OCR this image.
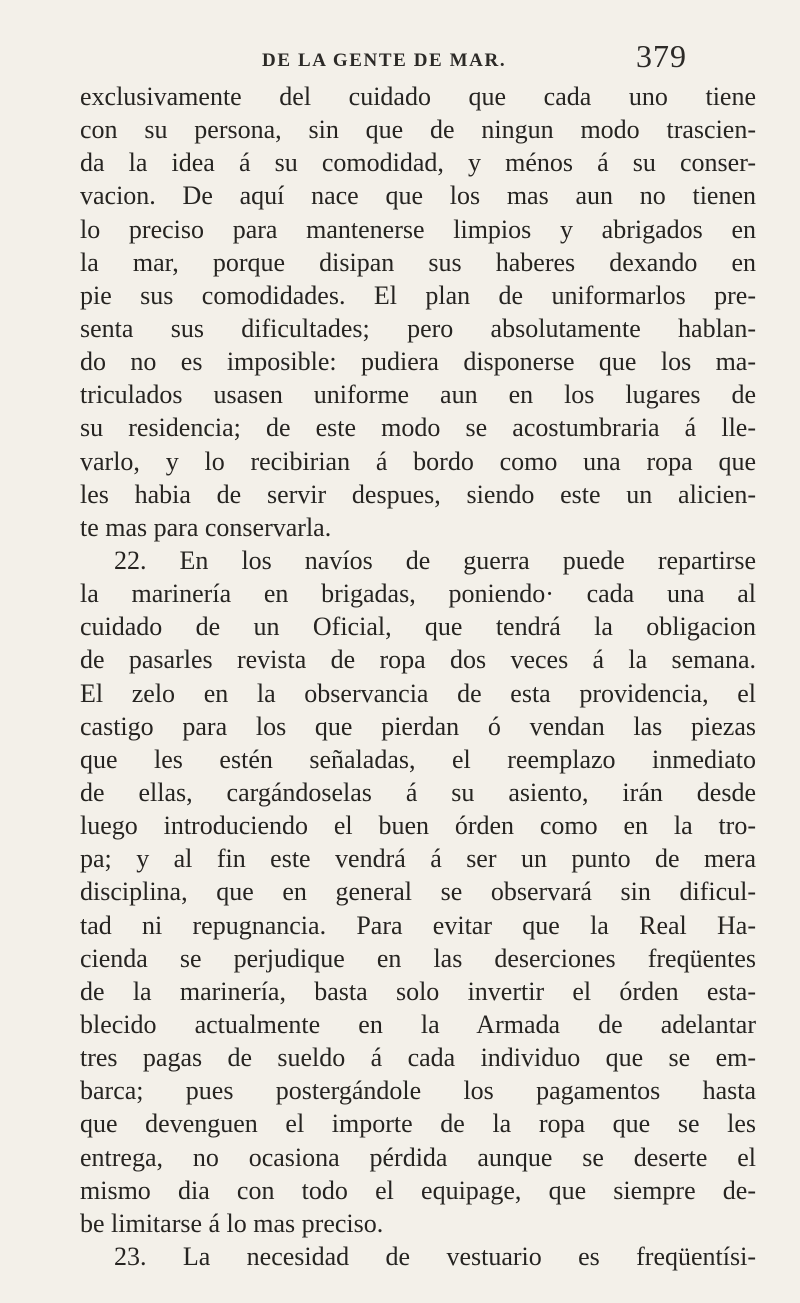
DE LA GENTE DE MAR.	379
exclusivamente del cuidado que cada uno tiene
con su persona, sin que de ningun modo trascien-
da la idea á su comodidad, y ménos á su conser-
vacion. De aquí nace que los mas aun no tienen
lo preciso para mantenerse limpios y abrigados en
la mar, porque disipan sus haberes dexando en
pie sus comodidades. El plan de uniformarlos pre-
senta sus dificultades; pero absolutamente hablan-
do no es imposible: pudiera disponerse que los ma-
triculados usasen uniforme aun en los lugares de
su residencia; de este modo se acostumbraria á lle-
varlo, y lo recibirian á bordo como una ropa que
les habia de servir despues, siendo este un alicien-
te mas para conservarla.
22. En los navíos de guerra puede repartirse
la marinería en brigadas, poniendo· cada una al
cuidado de un Oficial, que tendrá la obligacion
de pasarles revista de ropa dos veces á la semana.
El zelo en la observancia de esta providencia, el
castigo para los que pierdan ó vendan las piezas
que les estén señaladas, el reemplazo inmediato
de ellas, cargándoselas á su asiento, irán desde
luego introduciendo el buen órden como en la tro-
pa; y al fin este vendrá á ser un punto de mera
disciplina, que en general se observará sin dificul-
tad ni repugnancia. Para evitar que la Real Ha-
cienda se perjudique en las deserciones freqüentes
de la marinería, basta solo invertir el órden esta-
blecido actualmente en la Armada de adelantar
tres pagas de sueldo á cada individuo que se em-
barca; pues postergándole los pagamentos hasta
que devenguen el importe de la ropa que se les
entrega, no ocasiona pérdida aunque se deserte el
mismo dia con todo el equipage, que siempre de-
be limitarse á lo mas preciso.
23. La necesidad de vestuario es freqüentísi-
